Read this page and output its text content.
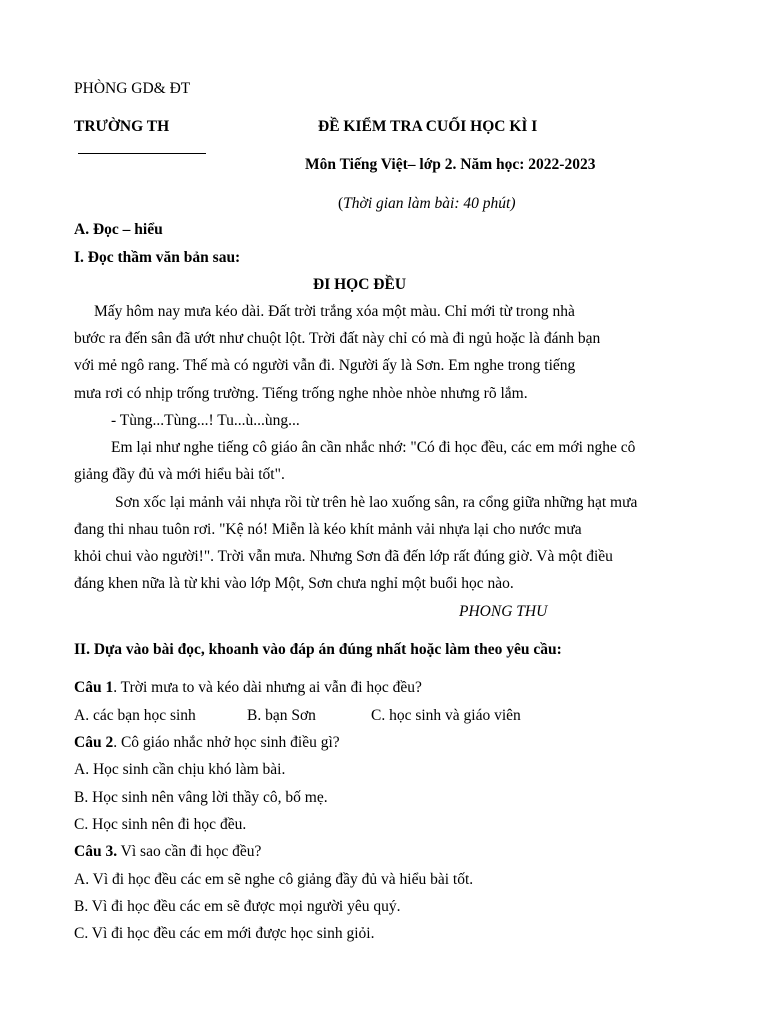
PHÒNG GD& ĐT
TRƯỜNG TH	ĐỀ KIỂM TRA CUỐI HỌC KÌ I
Môn Tiếng Việt– lớp 2. Năm học: 2022-2023
(Thời gian làm bài: 40 phút)
A. Đọc – hiểu
I. Đọc thầm văn bản sau:
ĐI HỌC ĐỀU
Mấy hôm nay mưa kéo dài. Đất trời trắng xóa một màu. Chỉ mới từ trong nhà
bước ra đến sân đã ướt như chuột lột. Trời đất này chỉ có mà đi ngủ hoặc là đánh bạn
với mẻ ngô rang. Thế mà có người vẫn đi. Người ấy là Sơn. Em nghe trong tiếng
mưa rơi có nhịp trống trường. Tiếng trống nghe nhòe nhòe nhưng rõ lắm.
- Tùng...Tùng...! Tu...ù...ùng...
Em lại như nghe tiếng cô giáo ân cần nhắc nhớ: "Có đi học đều, các em mới nghe cô
giảng đầy đủ và mới hiểu bài tốt".
Sơn xốc lại mảnh vải nhựa rồi từ trên hè lao xuống sân, ra cổng giữa những hạt mưa
đang thi nhau tuôn rơi. "Kệ nó! Miễn là kéo khít mảnh vải nhựa lại cho nước mưa
khỏi chui vào người!". Trời vẫn mưa. Nhưng Sơn đã đến lớp rất đúng giờ. Và một điều
đáng khen nữa là từ khi vào lớp Một, Sơn chưa nghỉ một buổi học nào.
PHONG THU
II. Dựa vào bài đọc, khoanh vào đáp án đúng nhất hoặc làm theo yêu cầu:
Câu 1. Trời mưa to và kéo dài nhưng ai vẫn đi học đều?
A. các bạn học sinh	B. bạn Sơn	C. học sinh và giáo viên
Câu 2. Cô giáo nhắc nhở học sinh điều gì?
A. Học sinh cần chịu khó làm bài.
B. Học sinh nên vâng lời thầy cô, bố mẹ.
C. Học sinh nên đi học đều.
Câu 3. Vì sao cần đi học đều?
A. Vì đi học đều các em sẽ nghe cô giảng đầy đủ và hiểu bài tốt.
B. Vì đi học đều các em sẽ được mọi người yêu quý.
C. Vì đi học đều các em mới được học sinh giỏi.
